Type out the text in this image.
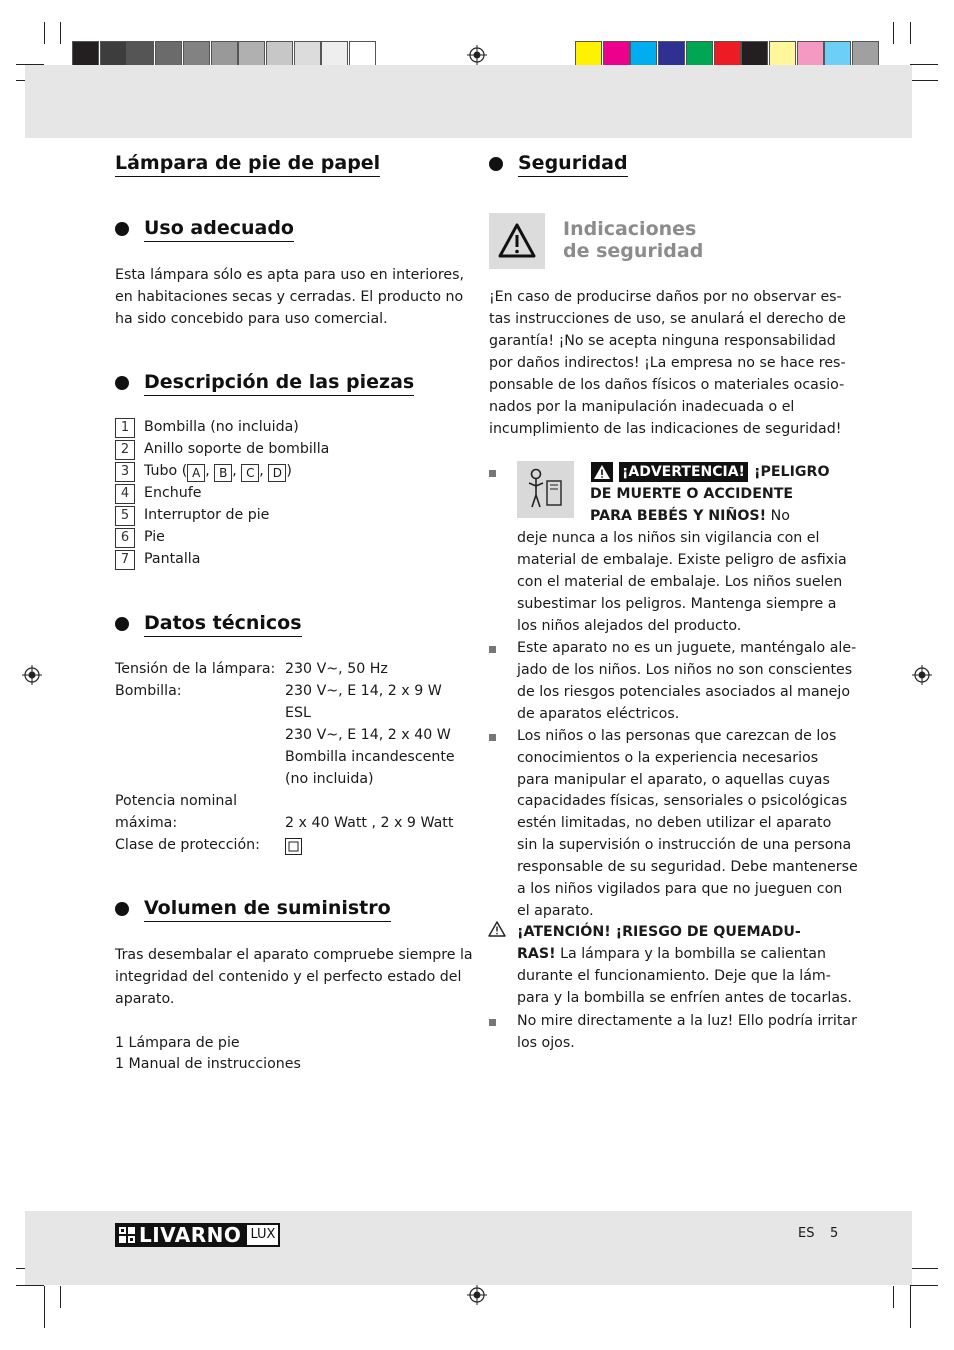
Lámpara de pie de papel
Uso adecuado
Esta lámpara sólo es apta para uso en interiores,
en habitaciones secas y cerradas. El producto no
ha sido concebido para uso comercial.
Descripción de las piezas
1	Bombilla (no incluida)
2	Anillo soporte de bombilla
3	Tubo ( A , B , C , D )
4	Enchufe
5	Interruptor de pie
6	Pie
7	Pantalla
Datos técnicos
Tensión de la lámpara: 230 V~, 50 Hz
Bombilla:	230 V~, E 14, 2 x 9 W
ESL
230 V~, E 14, 2 x 40 W
Bombilla incandescente
(no incluida)
Potencia nominal
máxima:	2 x 40 Watt , 2 x 9 Watt
Clase de protección:
Volumen de suministro
Tras desembalar el aparato compruebe siempre la
integridad del contenido y el perfecto estado del
aparato.
1 Lámpara de pie
1 Manual de instrucciones
Seguridad
Indicaciones
de seguridad
¡En caso de producirse daños por no observar es-
tas instrucciones de uso, se anulará el derecho de
garantía! ¡No se acepta ninguna responsabilidad
por daños indirectos! ¡La empresa no se hace res-
ponsable de los daños físicos o materiales ocasio-
nados por la manipulación inadecuada o el
incumplimiento de las indicaciones de seguridad!
¡ADVERTENCIA! ¡PELIGRO
DE MUERTE O ACCIDENTE
PARA BEBÉS Y NIÑOS! No
deje nunca a los niños sin vigilancia con el
material de embalaje. Existe peligro de asfixia
con el material de embalaje. Los niños suelen
subestimar los peligros. Mantenga siempre a
los niños alejados del producto.
Este aparato no es un juguete, manténgalo ale-
jado de los niños. Los niños no son conscientes
de los riesgos potenciales asociados al manejo
de aparatos eléctricos.
Los niños o las personas que carezcan de los
conocimientos o la experiencia necesarios
para manipular el aparato, o aquellas cuyas
capacidades físicas, sensoriales o psicológicas
estén limitadas, no deben utilizar el aparato
sin la supervisión o instrucción de una persona
responsable de su seguridad. Debe mantenerse
a los niños vigilados para que no jueguen con
el aparato.
¡ATENCIÓN! ¡RIESGO DE QUEMADU-
RAS! La lámpara y la bombilla se calientan
durante el funcionamiento. Deje que la lám-
para y la bombilla se enfríen antes de tocarlas.
No mire directamente a la luz! Ello podría irritar
los ojos.
LIVARNO LUX	ES 5
